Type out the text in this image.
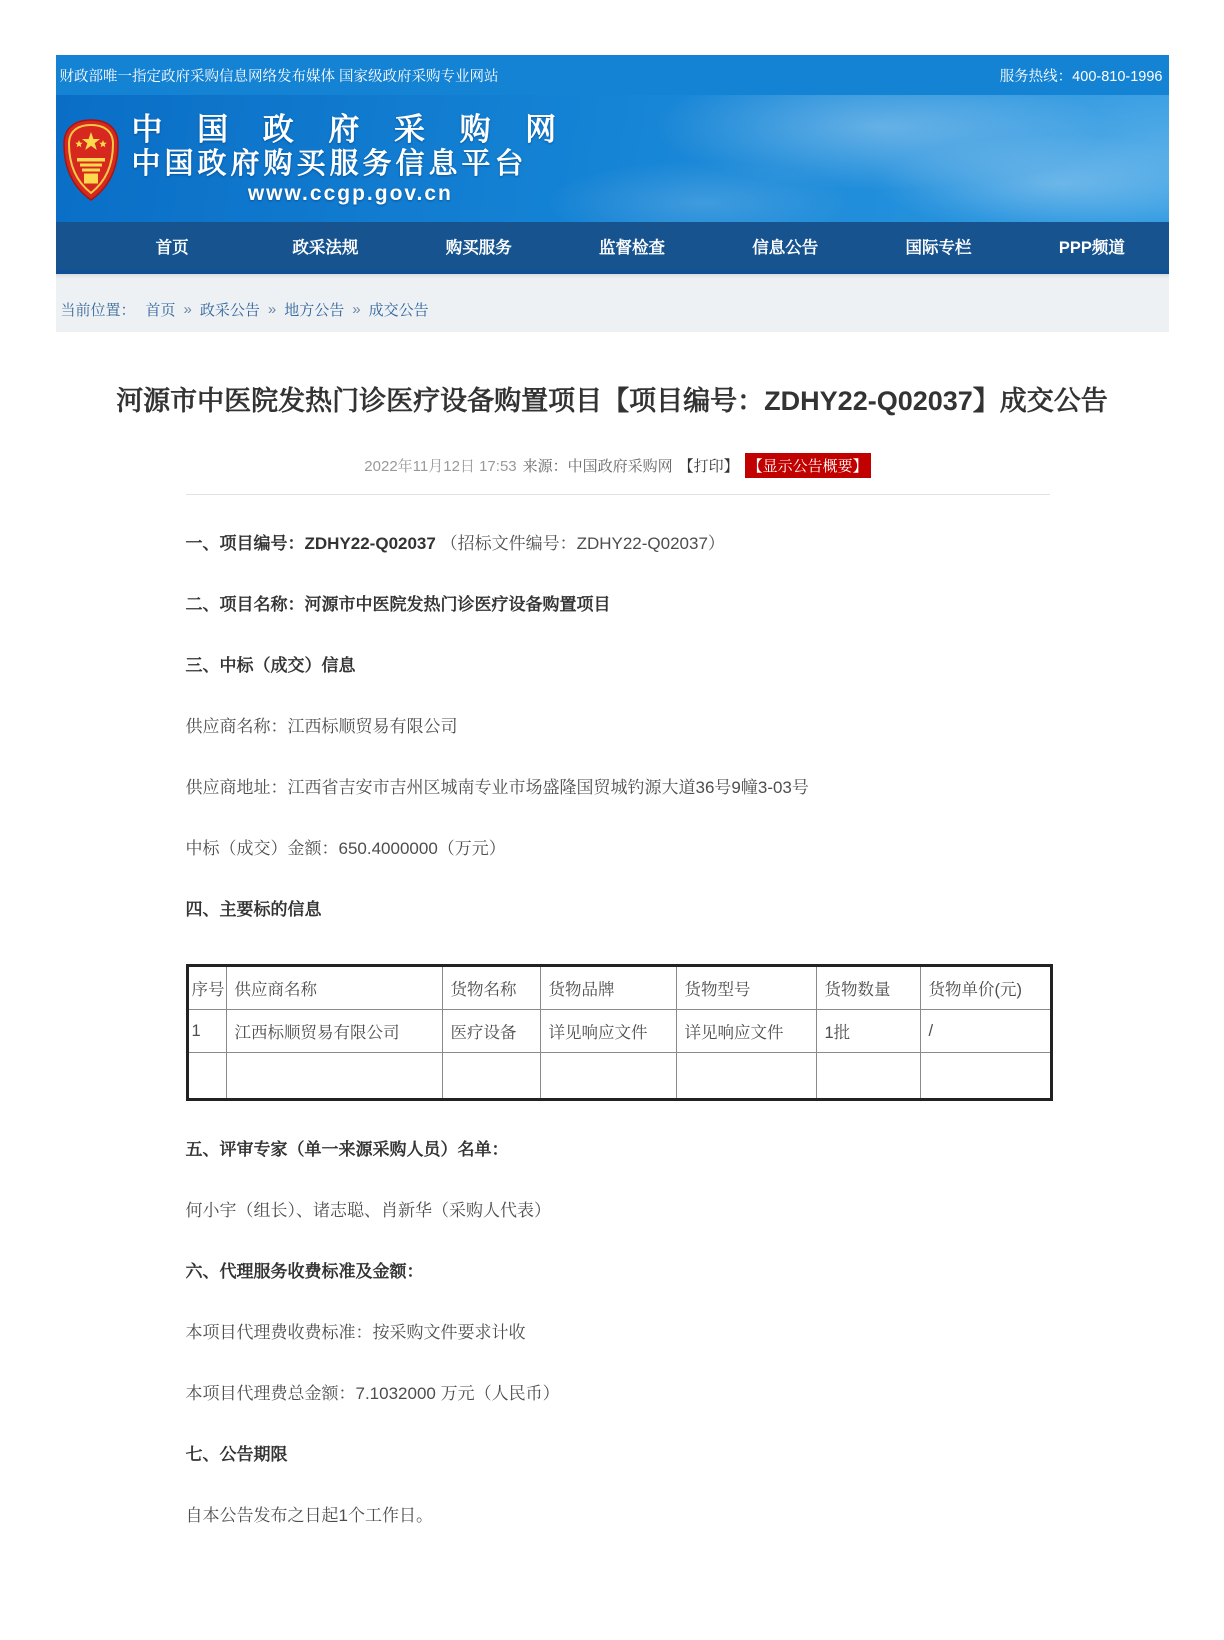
财政部唯一指定政府采购信息网络发布媒体 国家级政府采购专业网站	服务热线：400-810-1996
中 国 政 府 采 购 网
中国政府购买服务信息平台
www.ccgp.gov.cn
首页	政采法规	购买服务	监督检查	信息公告	国际专栏	PPP频道
当前位置： 首页 » 政采公告 » 地方公告 » 成交公告
河源市中医院发热门诊医疗设备购置项目【项目编号：ZDHY22-Q02037】成交公告
2022年11月12日 17:53 来源：中国政府采购网 【打印】 【显示公告概要】

一、项目编号：ZDHY22-Q02037 （招标文件编号：ZDHY22-Q02037）

二、项目名称：河源市中医院发热门诊医疗设备购置项目

三、中标（成交）信息

供应商名称：江西标顺贸易有限公司

供应商地址：江西省吉安市吉州区城南专业市场盛隆国贸城钓源大道36号9幢3-03号

中标（成交）金额：650.4000000（万元）

四、主要标的信息

序号	供应商名称	货物名称	货物品牌	货物型号	货物数量	货物单价(元)
1	江西标顺贸易有限公司	医疗设备	详见响应文件	详见响应文件	1批	/

五、评审专家（单一来源采购人员）名单：

何小宇（组长）、诸志聪、肖新华（采购人代表）

六、代理服务收费标准及金额：

本项目代理费收费标准：按采购文件要求计收

本项目代理费总金额：7.1032000 万元（人民币）

七、公告期限

自本公告发布之日起1个工作日。
